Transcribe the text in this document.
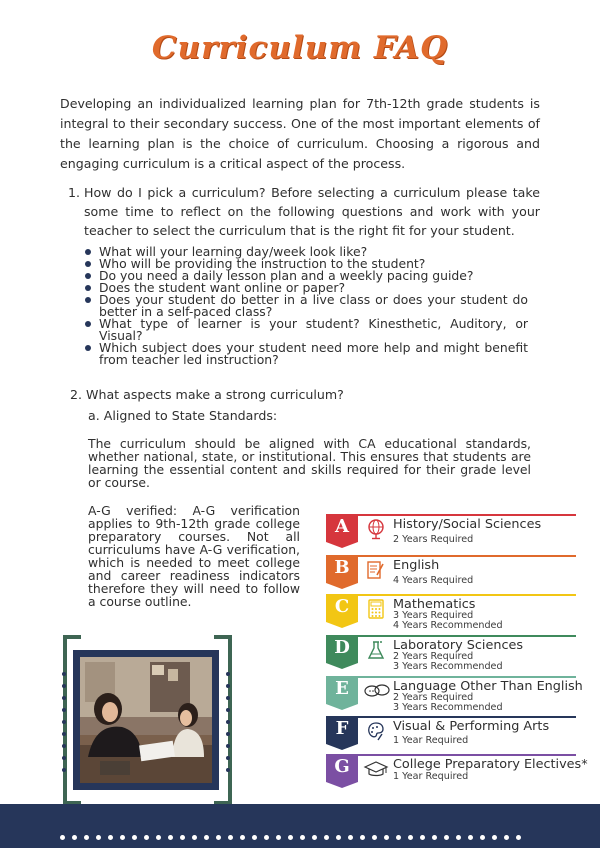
Curriculum FAQ
Developing an individualized learning plan for 7th-12th grade students is integral to their secondary success. One of the most important elements of the learning plan is the choice of curriculum. Choosing a rigorous and engaging curriculum is a critical aspect of the process.
1. How do I pick a curriculum? Before selecting a curriculum please take some time to reflect on the following questions and work with your teacher to select the curriculum that is the right fit for your student.
What will your learning day/week look like?
Who will be providing the instruction to the student?
Do you need a daily lesson plan and a weekly pacing guide?
Does the student want online or paper?
Does your student do better in a live class or does your student do better in a self-paced class?
What type of learner is your student? Kinesthetic, Auditory, or Visual?
Which subject does your student need more help and might benefit from teacher led instruction?
2. What aspects make a strong curriculum?
a. Aligned to State Standards:
The curriculum should be aligned with CA educational standards, whether national, state, or institutional. This ensures that students are learning the essential content and skills required for their grade level or course.
A-G verified: A-G verification applies to 9th-12th grade college preparatory courses. Not all curriculums have A-G verification, which is needed to meet college and career readiness indicators therefore they will need to follow a course outline.
A	History/Social Sciences
2 Years Required
B	English
4 Years Required
C	Mathematics
3 Years Required
4 Years Recommended
D	Laboratory Sciences
2 Years Required
3 Years Recommended
E	Language Other Than English
2 Years Required
3 Years Recommended
F	Visual & Performing Arts
1 Year Required
G	College Preparatory Electives*
1 Year Required
